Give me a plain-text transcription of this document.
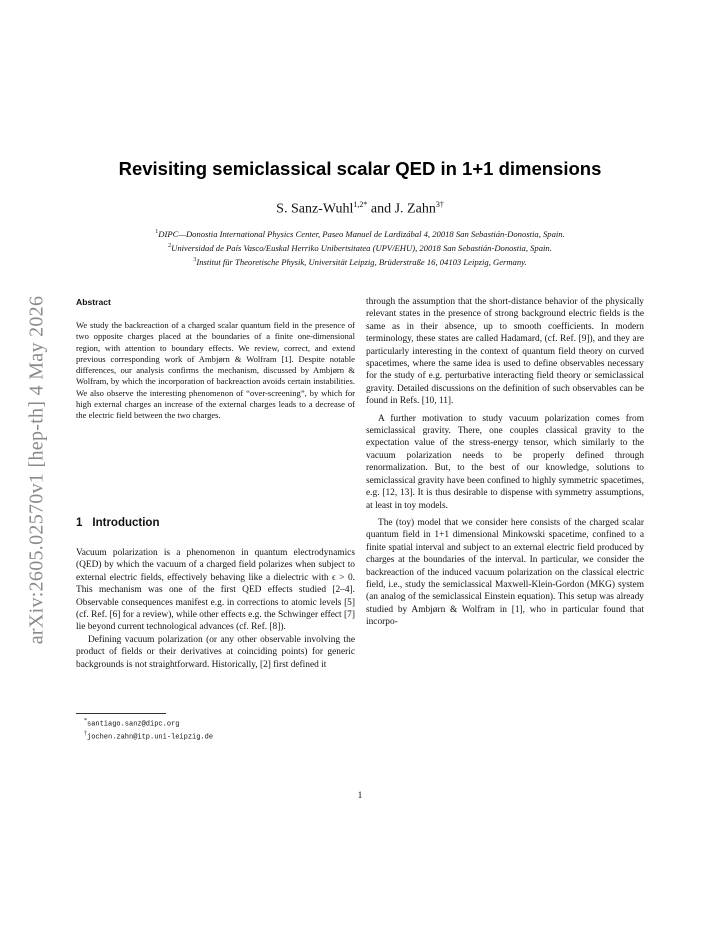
arXiv:2605.02570v1 [hep-th] 4 May 2026
Revisiting semiclassical scalar QED in 1+1 dimensions
S. Sanz-Wuhl$^{1,2*}$ and J. Zahn$^{3\dagger}$
$^1$DIPC—Donostia International Physics Center, Paseo Manuel de Lardizábal 4, 20018 San Sebastián-Donostia, Spain.
$^2$Universidad de País Vasco/Euskal Herriko Unibertsitatea (UPV/EHU), 20018 San Sebastián-Donostia, Spain.
$^3$Institut für Theoretische Physik, Universität Leipzig, Brüderstraße 16, 04103 Leipzig, Germany.
Abstract
We study the backreaction of a charged scalar quantum field in the presence of two opposite charges placed at the boundaries of a finite one-dimensional region, with attention to boundary effects. We review, correct, and extend previous corresponding work of Ambjørn & Wolfram [1]. Despite notable differences, our analysis confirms the mechanism, discussed by Ambjørn & Wolfram, by which the incorporation of backreaction avoids certain instabilities. We also observe the interesting phenomenon of “over-screening”, by which for high external charges an increase of the external charges leads to a decrease of the electric field between the two charges.
1 Introduction

Vacuum polarization is a phenomenon in quantum electrodynamics (QED) by which the vacuum of a charged field polarizes when subject to external electric fields, effectively behaving like a dielectric with ϵ > 0. This mechanism was one of the first QED effects studied [2–4]. Observable consequences manifest e.g. in corrections to atomic levels [5] (cf. Ref. [6] for a review), while other effects e.g. the Schwinger effect [7] lie beyond current technological advances (cf. Ref. [8]).

Defining vacuum polarization (or any other observable involving the product of fields or their derivatives at coinciding points) for generic backgrounds is not straightforward. Historically, [2] first defined it

through the assumption that the short-distance behavior of the physically relevant states in the presence of strong background electric fields is the same as in their absence, up to smooth coefficients. In modern terminology, these states are called Hadamard, (cf. Ref. [9]), and they are particularly interesting in the context of quantum field theory on curved spacetimes, where the same idea is used to define observables necessary for the study of e.g. perturbative interacting field theory or semiclassical gravity. Detailed discussions on the definition of such observables can be found in Refs. [10, 11].

A further motivation to study vacuum polarization comes from semiclassical gravity. There, one couples classical gravity to the expectation value of the stress-energy tensor, which similarly to the vacuum polarization needs to be properly defined through renormalization. But, to the best of our knowledge, solutions to semiclassical gravity have been confined to highly symmetric spacetimes, e.g. [12, 13]. It is thus desirable to dispense with symmetry assumptions, at least in toy models.

The (toy) model that we consider here consists of the charged scalar quantum field in 1+1 dimensional Minkowski spacetime, confined to a finite spatial interval and subject to an external electric field produced by charges at the boundaries of the interval. In particular, we consider the backreaction of the induced vacuum polarization on the classical electric field, i.e., study the semiclassical Maxwell-Klein-Gordon (MKG) system (an analog of the semiclassical Einstein equation). This setup was already studied by Ambjørn & Wolfram in [1], who in particular found that incorpo-

*santiago.sanz@dipc.org
†jochen.zahn@itp.uni-leipzig.de
1
